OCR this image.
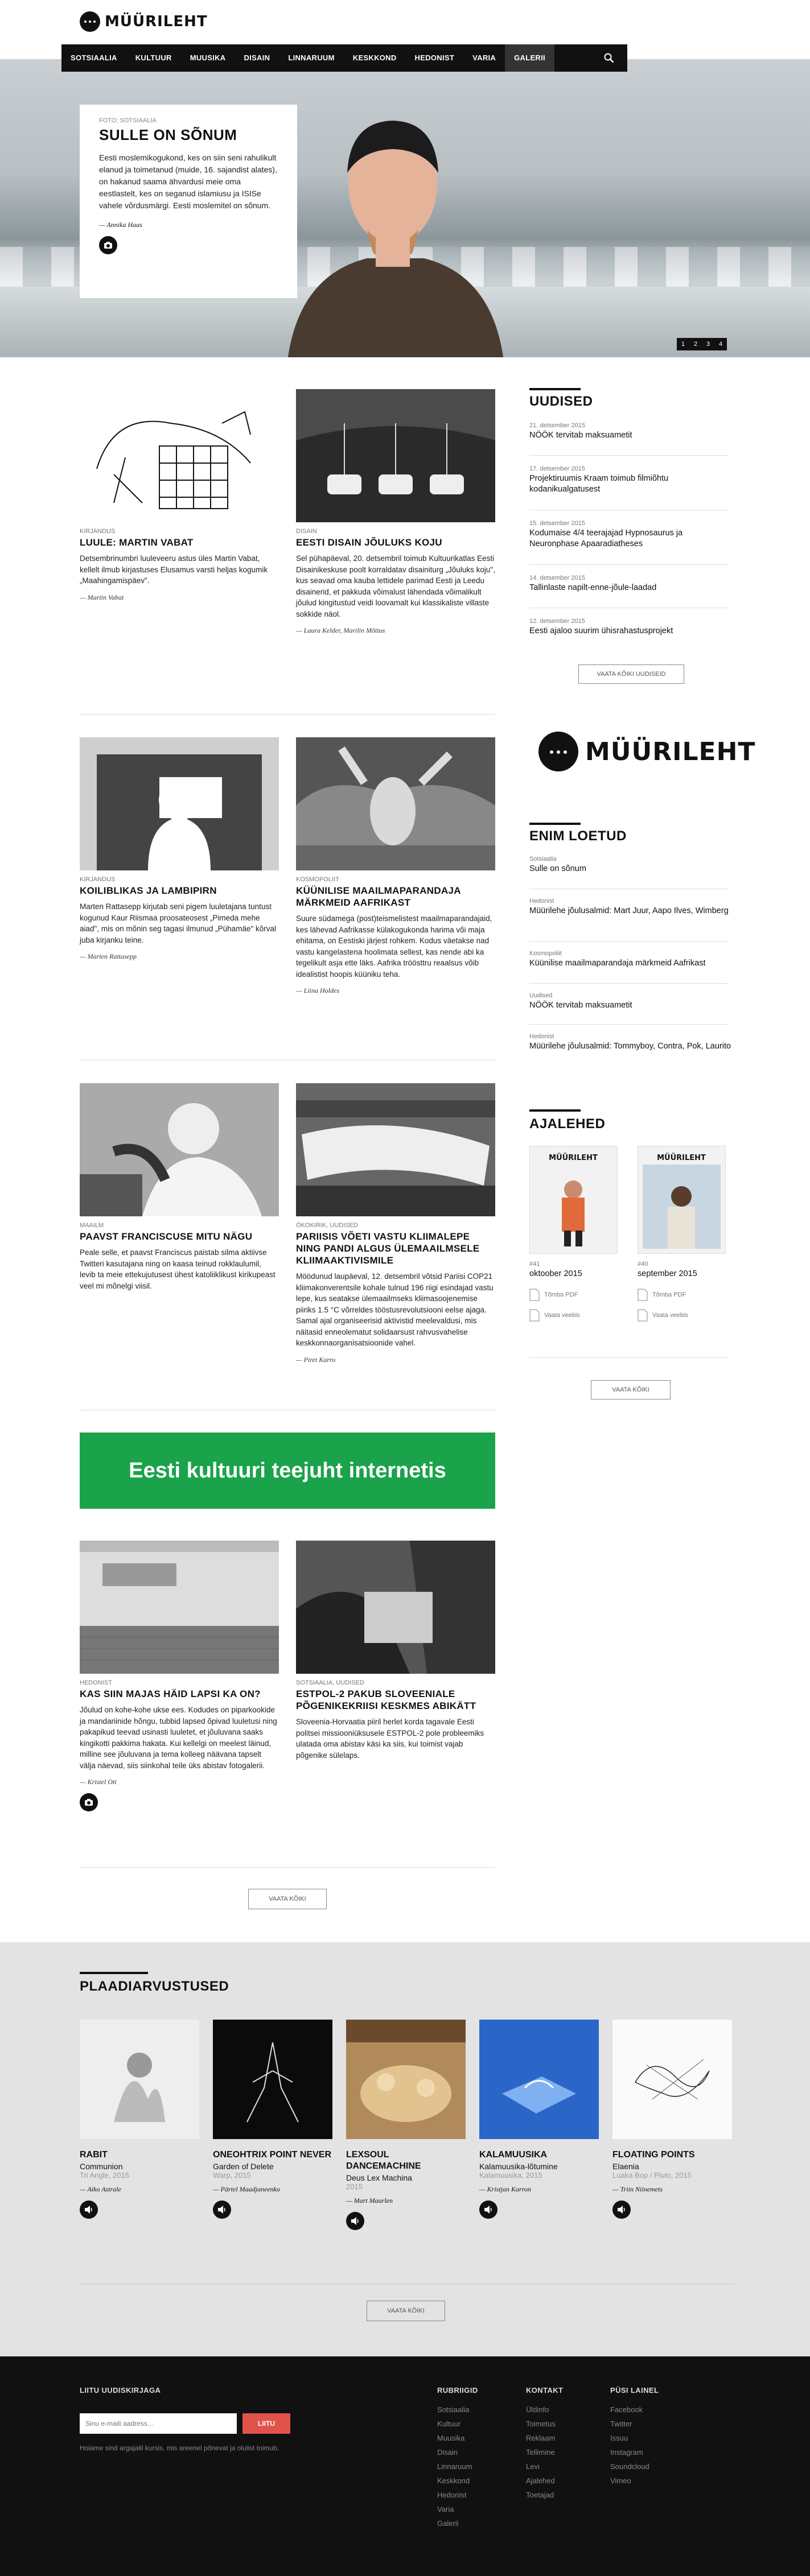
MÜÜRILEHT
FOTO: SOTSIAALIA
SULLE ON SÕNUM
Eesti moslemikogukond, kes on siin seni rahulikult elanud ja toimetanud (muide, 16. sajandist alates), on hakanud saama ähvardusi meie oma eestlastelt, kes on seganud islamiusu ja ISISe vahele võrdusmärgi. Eesti moslemitel on sõnum.
— Annika Haas
1	2	3	4
SOTSIAALIA	KULTUUR	MUUSIKA	DISAIN	LINNARUUM	KESKKOND	HEDONIST	VARIA	GALERII
KIRJANDUS
LUULE: MARTIN VABAT
Detsembrinumbri luuleveeru astus üles Martin Vabat, kellelt ilmub kirjastuses Elusamus varsti heljas kogumik „Maahingamispäev".
— Martin Vabat
DISAIN
EESTI DISAIN JÕULUKS KOJU
Sel pühapäeval, 20. detsembril toimub Kultuurikatlas Eesti Disainikeskuse poolt korraldatav disainiturg „Jõuluks koju", kus seavad oma kauba lettidele parimad Eesti ja Leedu disainerid, et pakkuda võimalust lähendada võimalikult jõulud kingitustud veidi loovamalt kui klassikaliste villaste sokkide näol.
— Laura Kelder, Marilin Mõttus
KIRJANDUS
KOILIBLIKAS JA LAMBIPIRN
Marten Rattasepp kirjutab seni pigem luuletajana tuntust kogunud Kaur Riismaa proosateosest „Pimeda mehe aiad", mis on mõnin seg tagasi ilmunud „Pühamäe" kõrval juba kirjanku teine.
— Marten Rattasepp
KOSMOPOLIIT
KÜÜNILISE MAAILMAPARANDAJA MÄRKMEID AAFRIKAST
Suure südamega (post)teismelistest maailmaparandajaid, kes lähevad Aafrikasse külakogukonda harima või maja ehitama, on Eestiski järjest rohkem. Kodus väetakse nad vastu kangelastena hoolimata sellest, kas nende abi ka tegelikult asja ette läks. Aafrika tröösttru reaalsus võib idealistist hoopis küüniku teha.
— Liina Holdes
MAAILM
PAAVST FRANCISCUSE MITU NÄGU
Peale selle, et paavst Franciscus paistab silma aktiivse Twitteri kasutajana ning on kaasa teinud rokklaulumil, levib ta meie ettekujutusest ühest katoliiklikust kirikupeast veel mi mõnelgi viisil.
ÖKOKIRIK, UUDISED
PARIISIS VÕETI VASTU KLIIMALEPE NING PANDI ALGUS ÜLEMAAILMSELE KLIIMAAKTIVISMILE
Möödunud laupäeval, 12. detsembril võtsid Pariisi COP21 kliimakonverentsile kohale tulnud 196 riigi esindajad vastu lepe, kus seatakse ülemaailmseks kliimasoojenemise piiriks 1.5 °C võrreldes tööstusrevolutsiooni eelse ajaga. Samal ajal organiseerisid aktivistid meelevaldusi, mis näitasid enneolematut solidaarsust rahvusvahelise keskkonnaorganisatsioonide vahel.
— Piret Karro
Eesti kultuuri teejuht internetis
HEDONIST
KAS SIIN MAJAS HÄID LAPSI KA ON?
Jõulud on kohe-kohe ukse ees. Kodudes on piparkookide ja mandariinide hõngu, tubbid lapsed õpivad luuletusi ning pakapikud teevad usinasti luuletet, et jõuluvana saaks kingikotti pakkima hakata. Kui kellelgi on meelest läinud, milline see jõuluvana ja tema kolleeg näävana tapselt välja näevad, siis siinkohal teile üks abistav fotogalerii.
— Kristel Ott
SOTSIAALIA, UUDISED
ESTPOL-2 PAKUB SLOVEENIALE PÕGENIKEKRIISI KESKMES ABIKÄTT
Sloveenia-Horvaatia piiril herlet korda tagavale Eesti politsei missiooniüksusele ESTPOL-2 pole probleemiks ulatada oma abistav käsi ka siis, kui toimist vajab põgenike sülelaps.
VAATA KÕIKI
UUDISED
21. detsember 2015
NÖÖK tervitab maksuametit
17. detsember 2015
Projektiruumis Kraam toimub filmiõhtu kodanikualgatusest
15. detsember 2015
Kodumaise 4/4 teerajajad Hypnosaurus ja Neuronphase Apaaradiatheses
14. detsember 2015
Tallinlaste napilt-enne-jõule-laadad
12. detsember 2015
Eesti ajaloo suurim ühisrahastusprojekt
VAATA KÕIKI UUDISEID
MÜÜRILEHT
ENIM LOETUD
Sotsiaalia
Sulle on sõnum
Hedonist
Müürilehe jõulusalmid: Mart Juur, Aapo Ilves, Wimberg
Kosmopoliit
Küünilise maailmaparandaja märkmeid Aafrikast
Uudised
NÖÖK tervitab maksuametit
Hedonist
Müürilehe jõulusalmid: Tommyboy, Contra, Pok, Laurito
AJALEHED
MÜÜRILEHT
#41
oktoober 2015
Tõmba PDF
Vaata veebis
MÜÜRILEHT
#40
september 2015
Tõmba PDF
Vaata veebis
VAATA KÕIKI
PLAADIARVUSTUSED
RABIT
Communion
Tri Angle, 2015
— Aiko Astrale
ONEOHTRIX POINT NEVER
Garden of Delete
Warp, 2015
— Pärtel Maadjaneenko
LEXSOUL DANCEMACHINE
Deus Lex Machina
2015
— Mart Maarlen
KALAMUUSIKA
Kalamuusika-lõtumine
Kalamuusika, 2015
— Kristjan Karron
FLOATING POINTS
Elaenia
Luaka Bop / Pluto, 2015
— Triin Niinemets
VAATA KÕIKI
LIITU UUDISKIRJAGA
Sinu e-maili aadress…
LIITU
Hoiame sind argajalil kursis, mis areenel põnevat ja olulist toimub.
RUBRIIGID
Sotsiaalia
Kultuur
Muusika
Disain
Linnaruum
Keskkond
Hedonist
Varia
Galerii
KONTAKT
Üldinfo
Toimetus
Reklaam
Tellimine
Levi
Ajalehed
Toetajad
PÜSI LAINEL
Facebook
Twitter
Issuu
Instagram
Soundcloud
Vimeo
